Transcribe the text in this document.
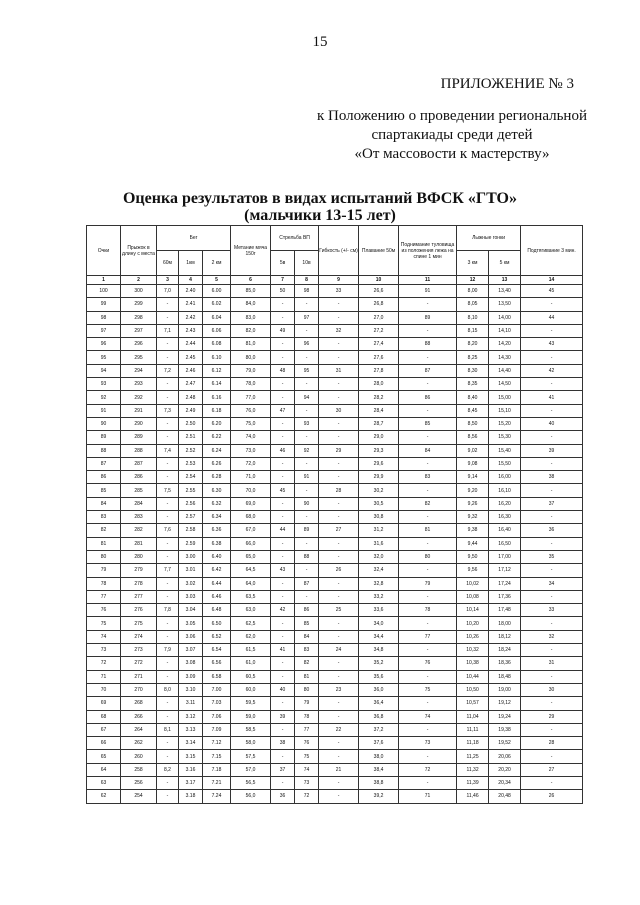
15
ПРИЛОЖЕНИЕ № 3
к Положению о проведении региональной
спартакиады среди детей
«От массовости к мастерству»
Оценка результатов в видах испытаний ВФСК «ГТО»
(мальчики 13-15 лет)
Очки	Прыжок в длину с места	Бег			Метание мяча 150г	Стрельба ВП		Гибкость (+/- см)	Плавание 50м	Поднимание туловища из положения лежа на спине 1 мин	Лыжные гонки		Подтягивание 3 мин.
		60м	1км	2 км		5в	10в				3 км	5 км	
1	2	3	4	5	6	7	8	9	10	11	12	13	14
100	300	7,0	2.40	6.00	85,0	50	98	33	26,6	91	8,00	13,40	45
99	299	-	2.41	6.02	84,0	-	-	-	26,8	-	8,05	13,50	-
98	298	-	2.42	6.04	83,0	-	97	-	27,0	89	8,10	14,00	44
97	297	7,1	2.43	6.06	82,0	49	-	32	27,2	-	8,15	14,10	-
96	296	-	2.44	6.08	81,0	-	96	-	27,4	88	8,20	14,20	43
95	295	-	2.45	6.10	80,0	-	-	-	27,6	-	8,25	14,30	-
94	294	7,2	2.46	6.12	79,0	48	95	31	27,8	87	8,30	14,40	42
93	293	-	2.47	6.14	78,0	-	-	-	28,0	-	8,35	14,50	-
92	292	-	2.48	6.16	77,0	-	94	-	28,2	86	8,40	15,00	41
91	291	7,3	2.49	6.18	76,0	47	-	30	28,4	-	8,45	15,10	-
90	290	-	2.50	6.20	75,0	-	93	-	28,7	85	8,50	15,20	40
89	289	-	2.51	6.22	74,0	-	-	-	29,0	-	8,56	15,30	-
88	288	7,4	2.52	6.24	73,0	46	92	29	29,3	84	9,02	15,40	39
87	287	-	2.53	6.26	72,0	-	-	-	29,6	-	9,08	15,50	-
86	286	-	2.54	6.28	71,0	-	91	-	29,9	83	9,14	16,00	38
85	285	7,5	2.55	6.30	70,0	45	-	28	30,2	-	9,20	16,10	-
84	284	-	2.56	6.32	69,0	-	90	-	30,5	82	9,26	16,20	37
83	283	-	2.57	6.34	68,0	-	-	-	30,8	-	9,32	16,30	-
82	282	7,6	2.58	6.36	67,0	44	89	27	31,2	81	9,38	16,40	36
81	281	-	2.59	6.38	66,0	-	-	-	31,6	-	9,44	16,50	-
80	280	-	3.00	6.40	65,0	-	88	-	32,0	80	9,50	17,00	35
79	279	7,7	3.01	6.42	64,5	43	-	26	32,4	-	9,56	17,12	-
78	278	-	3.02	6.44	64,0	-	87	-	32,8	79	10,02	17,24	34
77	277	-	3.03	6.46	63,5	-	-	-	33,2	-	10,08	17,36	-
76	276	7,8	3.04	6.48	63,0	42	86	25	33,6	78	10,14	17,48	33
75	275	-	3.05	6.50	62,5	-	85	-	34,0	-	10,20	18,00	-
74	274	-	3.06	6.52	62,0	-	84	-	34,4	77	10,26	18,12	32
73	273	7,9	3.07	6.54	61,5	41	83	24	34,8	-	10,32	18,24	-
72	272	-	3.08	6.56	61,0	-	82	-	35,2	76	10,38	18,36	31
71	271	-	3.09	6.58	60,5	-	81	-	35,6	-	10,44	18,48	-
70	270	8,0	3.10	7.00	60,0	40	80	23	36,0	75	10,50	19,00	30
69	268	-	3.11	7.03	59,5	-	79	-	36,4	-	10,57	19,12	-
68	266	-	3.12	7.06	59,0	39	78	-	36,8	74	11,04	19,24	29
67	264	8,1	3.13	7.09	58,5	-	77	22	37,2	-	11,11	19,38	-
66	262	-	3.14	7.12	58,0	38	76	-	37,6	73	11,18	19,52	28
65	260	-	3.15	7.15	57,5	-	75	-	38,0	-	11,25	20,06	-
64	258	8,2	3.16	7.18	57,0	37	74	21	38,4	72	11,32	20,20	27
63	256	-	3.17	7.21	56,5	-	73	-	38,8	-	11,39	20,34	-
62	254	-	3.18	7.24	56,0	36	72	-	39,2	71	11,46	20,48	26
